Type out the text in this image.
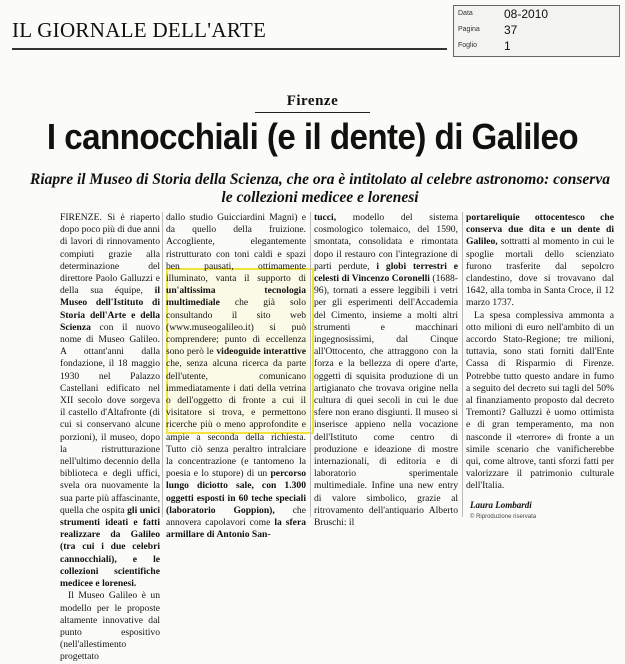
IL GIORNALE DELL'ARTE
Data	08-2010
Pagina 37
Foglio 1
Firenze
I cannocchiali (e il dente) di Galileo
Riapre il Museo di Storia della Scienza, che ora è intitolato al celebre astronomo: conserva le collezioni medicee e lorenesi

FIRENZE. Si è riaperto dopo poco più di due anni di lavori di rinnovamento compiuti grazie alla determinazione del direttore Paolo Galluzzi e della sua équipe, il Museo dell'Istituto di Storia dell'Arte e della Scienza con il nuovo nome di Museo Galileo. A ottant'anni dalla fondazione, il 18 maggio 1930 nel Palazzo Castellani edificato nel XII secolo dove sorgeva il castello d'Altafronte (di cui si conservano alcune porzioni), il museo, dopo la ristrutturazione nell'ultimo decennio della biblioteca e degli uffici, svela ora nuovamente la sua parte più affascinante, quella che ospita gli unici strumenti ideati e fatti realizzare da Galileo (tra cui i due celebri cannocchiali), e le collezioni scientifiche medicee e lorenesi.

Il Museo Galileo è un modello per le proposte altamente innovative dal punto espositivo (nell'allestimento progettato

dallo studio Guicciardini Magni) e da quello della fruizione. Accogliente, elegantemente ristrutturato con toni caldi e spazi ben pausati, ottimamente illuminato, vanta il supporto di un'altissima tecnologia multimediale che già solo consultando il sito web (www.museogalileo.it) si può comprendere; punto di eccellenza sono però le videoguide interattive che, senza alcuna ricerca da parte dell'utente, comunicano immediatamente i dati della vetrina o dell'oggetto di fronte a cui il visitatore si trova, e permettono ricerche più o meno approfondite e ampie a seconda della richiesta. Tutto ciò senza peraltro intralciare la concentrazione (e tantomeno la poesia e lo stupore) di un percorso lungo diciotto sale, con 1.300 oggetti esposti in 60 teche speciali (laboratorio Goppion), che annovera capolavori come la sfera armillare di Antonio San-

tucci, modello del sistema cosmologico tolemaico, del 1590, smontata, consolidata e rimontata dopo il restauro con l'integrazione di parti perdute, i globi terrestri e celesti di Vincenzo Coronelli (1688-96), tornati a essere leggibili i vetri per gli esperimenti dell'Accademia del Cimento, insieme a molti altri strumenti e macchinari ingegnosissimi, dal Cinque all'Ottocento, che attraggono con la forza e la bellezza di opere d'arte, oggetti di squisita produzione di un artigianato che trovava origine nella cultura di quei secoli in cui le due sfere non erano disgiunti. Il museo si inserisce appieno nella vocazione dell'Istituto come centro di produzione e ideazione di mostre internazionali, di editoria e di laboratorio sperimentale multimediale. Infine una new entry di valore simbolico, grazie al ritrovamento dell'antiquario Alberto Bruschi: il

portareliquie ottocentesco che conserva due dita e un dente di Galileo, sottratti al momento in cui le spoglie mortali dello scienziato furono trasferite dal sepolcro clandestino, dove si trovavano dal 1642, alla tomba in Santa Croce, il 12 marzo 1737.

La spesa complessiva ammonta a otto milioni di euro nell'ambito di un accordo Stato-Regione; tre milioni, tuttavia, sono stati forniti dall'Ente Cassa di Risparmio di Firenze. Potrebbe tutto questo andare in fumo a seguito del decreto sui tagli del 50% al finanziamento proposto dal decreto Tremonti? Galluzzi è uomo ottimista e di gran temperamento, ma non nasconde il «terrore» di fronte a un simile scenario che vanificherebbe qui, come altrove, tanti sforzi fatti per valorizzare il patrimonio culturale dell'Italia.

Laura Lombardi
© Riproduzione riservata
